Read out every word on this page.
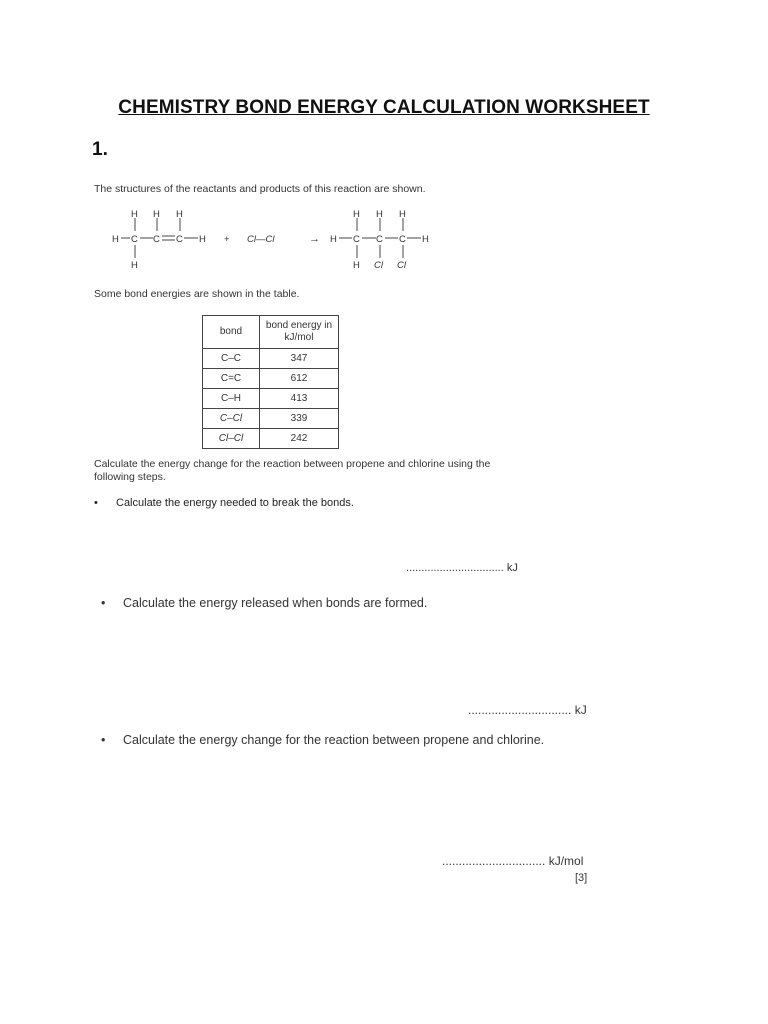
CHEMISTRY BOND ENERGY CALCULATION WORKSHEET
1.
The structures of the reactants and products of this reaction are shown.
H H H
H C C C H
H
+ Cl—Cl	→
H H H
H C C C H
H Cl Cl
Some bond energies are shown in the table.
bond	bond energy in kJ/mol
C–C	347
C=C	612
C–H	413
C–Cl	339
Cl–Cl	242
Calculate the energy change for the reaction between propene and chlorine using the following steps.
• Calculate the energy needed to break the bonds.
................................ kJ
• Calculate the energy released when bonds are formed.
............................... kJ
• Calculate the energy change for the reaction between propene and chlorine.
............................... kJ/mol
[3]
